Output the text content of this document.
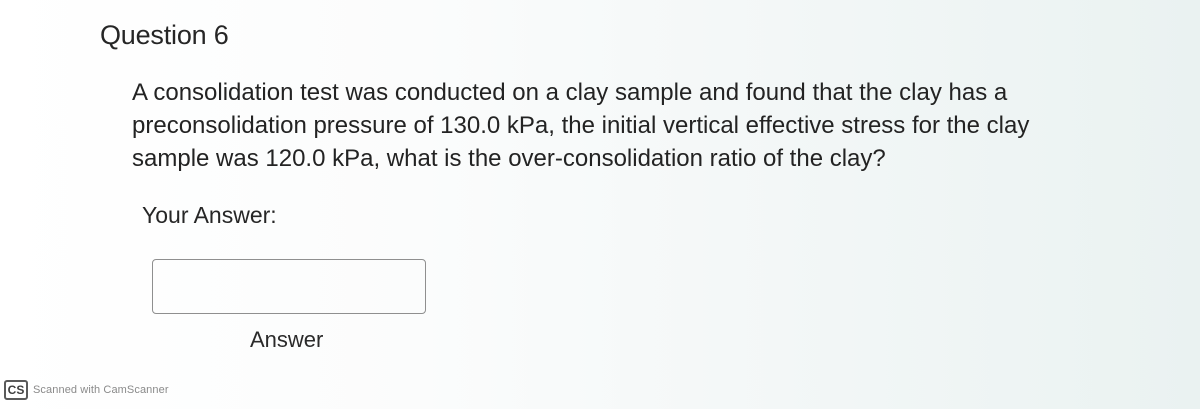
Question 6

A consolidation test was conducted on a clay sample and found that the clay has a
preconsolidation pressure of 130.0 kPa, the initial vertical effective stress for the clay
sample was 120.0 kPa, what is the over-consolidation ratio of the clay?

Your Answer:

Answer

CS Scanned with CamScanner
